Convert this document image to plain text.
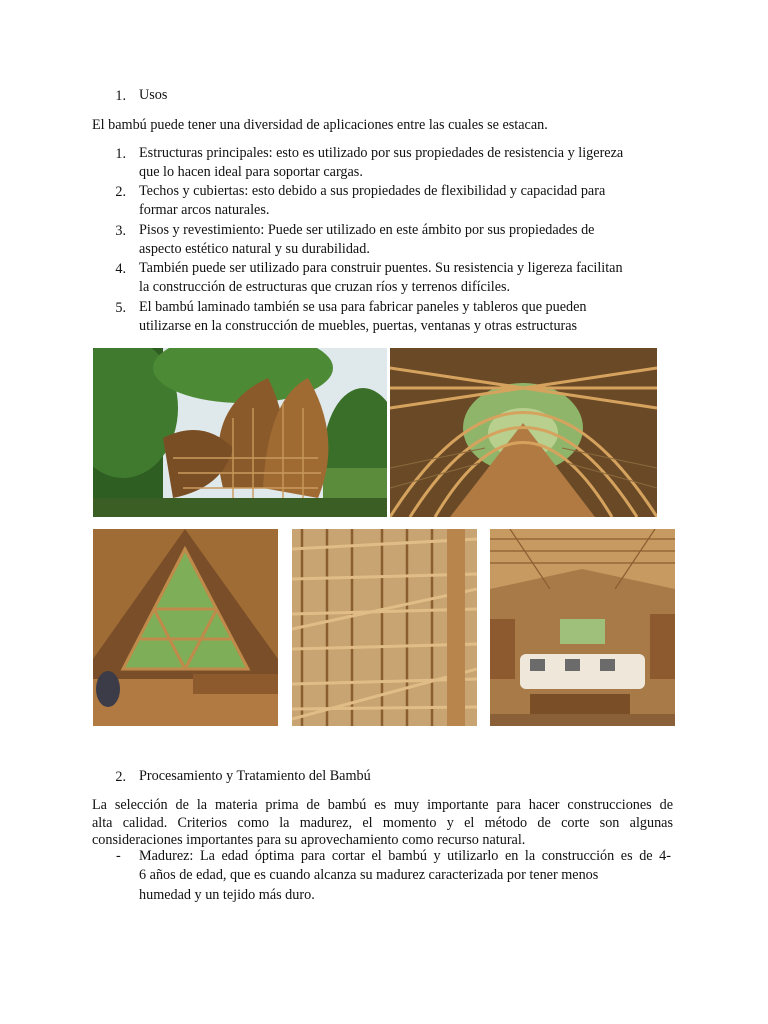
1. Usos
El bambú puede tener una diversidad de aplicaciones entre las cuales se estacan.
1. Estructuras principales: esto es utilizado por sus propiedades de resistencia y ligereza
que lo hacen ideal para soportar cargas.
2. Techos y cubiertas: esto debido a sus propiedades de flexibilidad y capacidad para
formar arcos naturales.
3. Pisos y revestimiento: Puede ser utilizado en este ámbito por sus propiedades de
aspecto estético natural y su durabilidad.
4. También puede ser utilizado para construir puentes. Su resistencia y ligereza facilitan
la construcción de estructuras que cruzan ríos y terrenos difíciles.
5. El bambú laminado también se usa para fabricar paneles y tableros que pueden
utilizarse en la construcción de muebles, puertas, ventanas y otras estructuras
2. Procesamiento y Tratamiento del Bambú
La selección de la materia prima de bambú es muy importante para hacer construcciones de
alta calidad. Criterios como la madurez, el momento y el método de corte son algunas
consideraciones importantes para su aprovechamiento como recurso natural.
- Madurez: La edad óptima para cortar el bambú y utilizarlo en la construcción es de 4-
6 años de edad, que es cuando alcanza su madurez caracterizada por tener menos
humedad y un tejido más duro.
